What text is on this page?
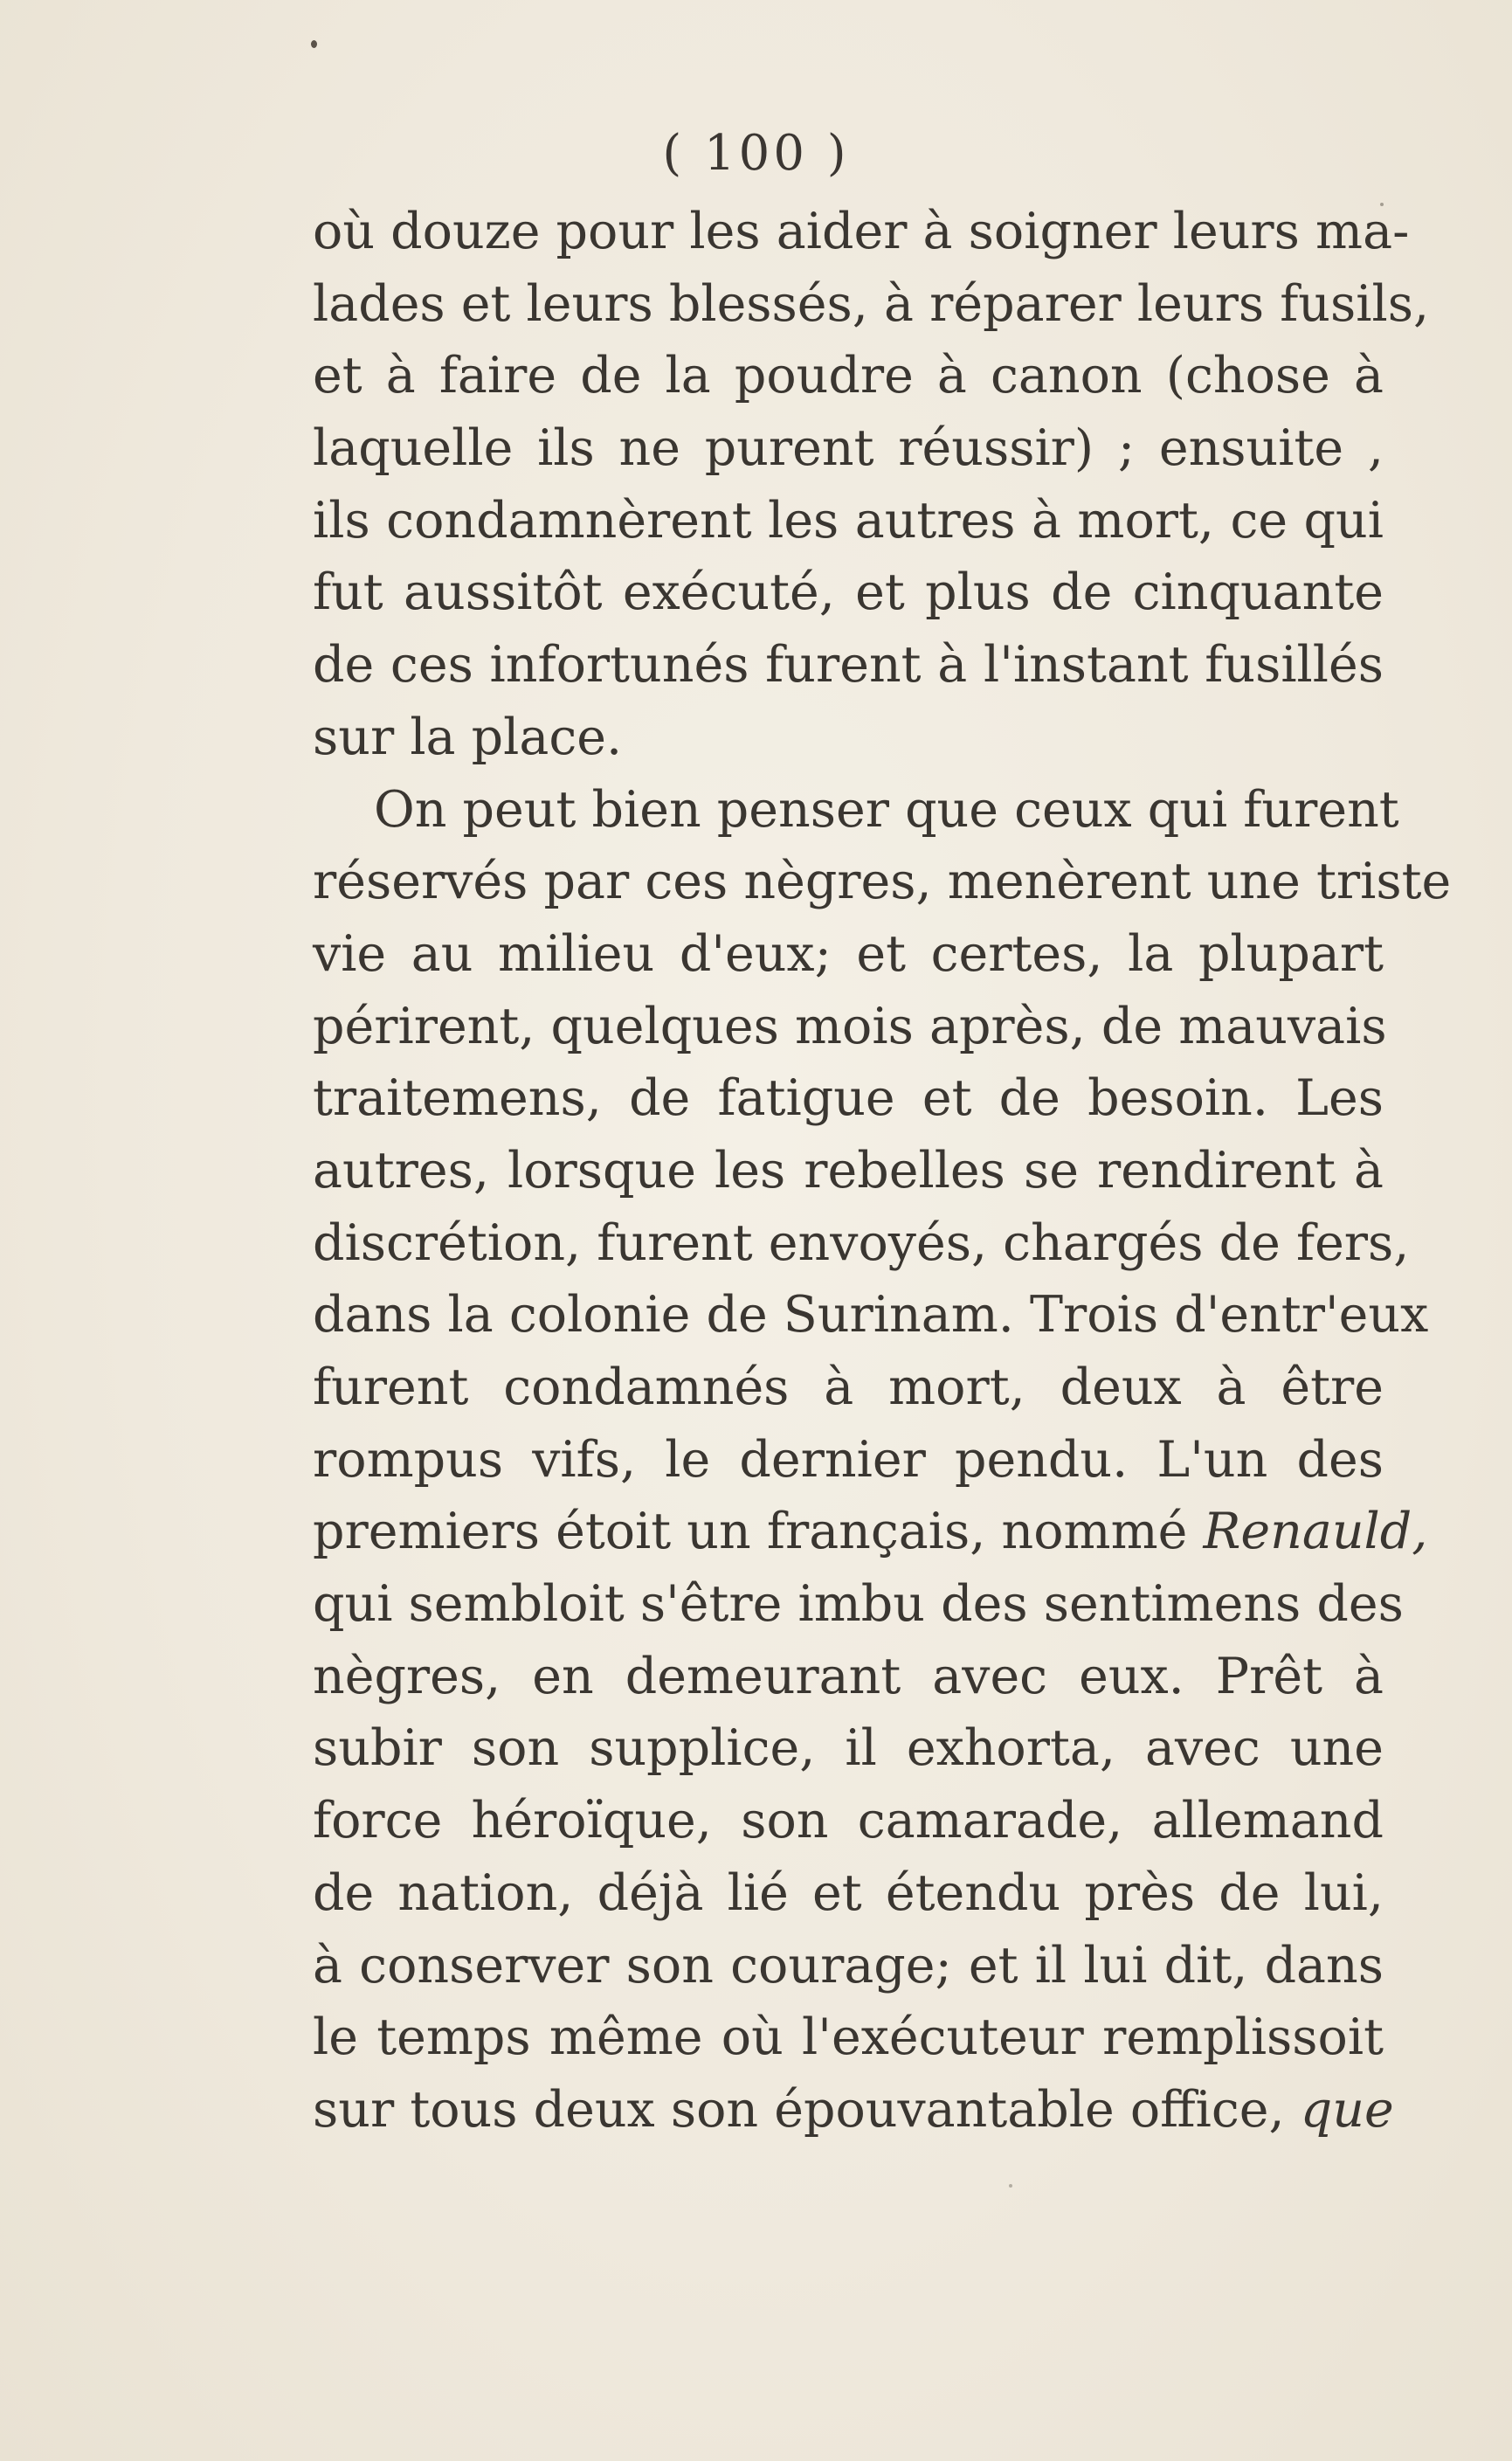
( 100 )
où douze pour les aider à soigner leurs ma-
lades et leurs blessés, à réparer leurs fusils,
et à faire de la poudre à canon (chose à
laquelle ils ne purent réussir) ; ensuite ,
ils condamnèrent les autres à mort, ce qui
fut aussitôt exécuté, et plus de cinquante
de ces infortunés furent à l'instant fusillés
sur la place.
On peut bien penser que ceux qui furent
réservés par ces nègres, menèrent une triste
vie au milieu d'eux; et certes, la plupart
périrent, quelques mois après, de mauvais
traitemens, de fatigue et de besoin. Les
autres, lorsque les rebelles se rendirent à
discrétion, furent envoyés, chargés de fers,
dans la colonie de Surinam. Trois d'entr'eux
furent condamnés à mort, deux à être
rompus vifs, le dernier pendu. L'un des
premiers étoit un français, nommé Renauld,
qui sembloit s'être imbu des sentimens des
nègres, en demeurant avec eux. Prêt à
subir son supplice, il exhorta, avec une
force héroïque, son camarade, allemand
de nation, déjà lié et étendu près de lui,
à conserver son courage; et il lui dit, dans
le temps même où l'exécuteur remplissoit
sur tous deux son épouvantable office, que
